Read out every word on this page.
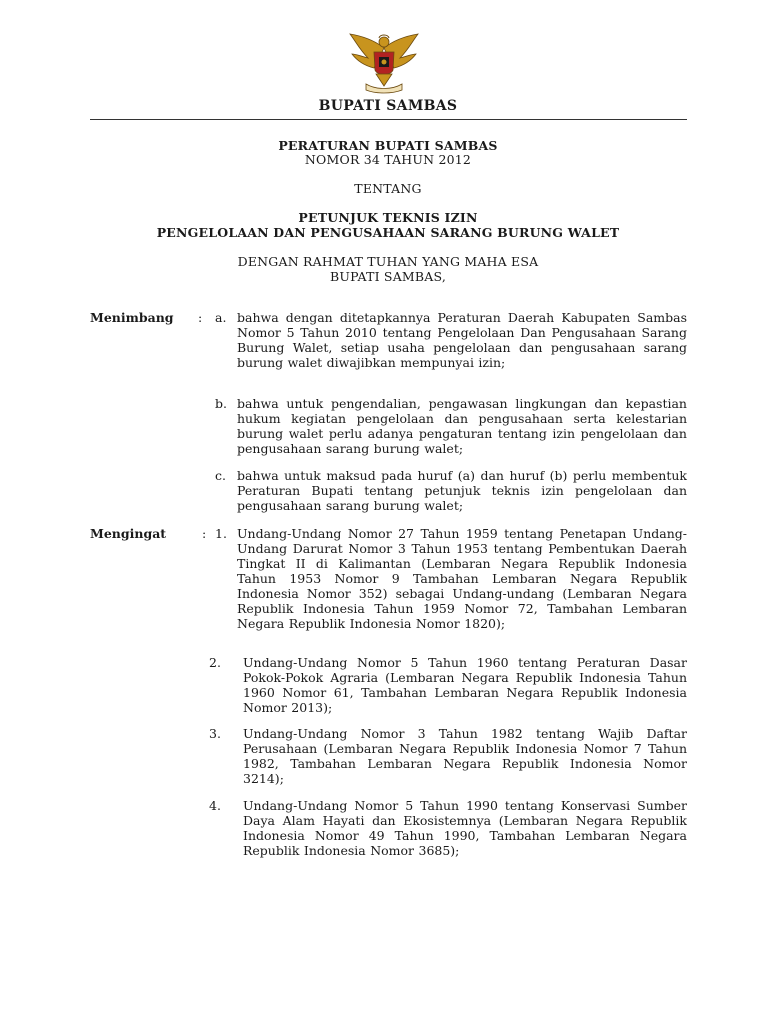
BUPATI SAMBAS
PERATURAN BUPATI SAMBAS
NOMOR 34 TAHUN 2012
TENTANG
PETUNJUK TEKNIS IZIN
PENGELOLAAN DAN PENGUSAHAAN SARANG BURUNG WALET
DENGAN RAHMAT TUHAN YANG MAHA ESA
BUPATI SAMBAS,
Menimbang : a. bahwa dengan ditetapkannya Peraturan Daerah Kabupaten Sambas Nomor 5 Tahun 2010 tentang Pengelolaan Dan Pengusahaan Sarang Burung Walet, setiap usaha pengelolaan dan pengusahaan sarang burung walet diwajibkan mempunyai izin;
b. bahwa untuk pengendalian, pengawasan lingkungan dan kepastian hukum kegiatan pengelolaan dan pengusahaan serta kelestarian burung walet perlu adanya pengaturan tentang izin pengelolaan dan pengusahaan sarang burung walet;
c. bahwa untuk maksud pada huruf (a) dan huruf (b) perlu membentuk Peraturan Bupati tentang petunjuk teknis izin pengelolaan dan pengusahaan sarang burung walet;
Mengingat	: 1. Undang-Undang Nomor 27 Tahun 1959 tentang Penetapan Undang-Undang Darurat Nomor 3 Tahun 1953 tentang Pembentukan Daerah Tingkat II di Kalimantan (Lembaran Negara Republik Indonesia Tahun 1953 Nomor 9 Tambahan Lembaran Negara Republik Indonesia Nomor 352) sebagai Undang-undang (Lembaran Negara Republik Indonesia Tahun 1959 Nomor 72, Tambahan Lembaran Negara Republik Indonesia Nomor 1820);
2. Undang-Undang Nomor 5 Tahun 1960 tentang Peraturan Dasar Pokok-Pokok Agraria (Lembaran Negara Republik Indonesia Tahun 1960 Nomor 61, Tambahan Lembaran Negara Republik Indonesia Nomor 2013);
3. Undang-Undang Nomor 3 Tahun 1982 tentang Wajib Daftar Perusahaan (Lembaran Negara Republik Indonesia Nomor 7 Tahun 1982, Tambahan Lembaran Negara Republik Indonesia Nomor 3214);
4. Undang-Undang Nomor 5 Tahun 1990 tentang Konservasi Sumber Daya Alam Hayati dan Ekosistemnya (Lembaran Negara Republik Indonesia Nomor 49 Tahun 1990, Tambahan Lembaran Negara Republik Indonesia Nomor 3685);
